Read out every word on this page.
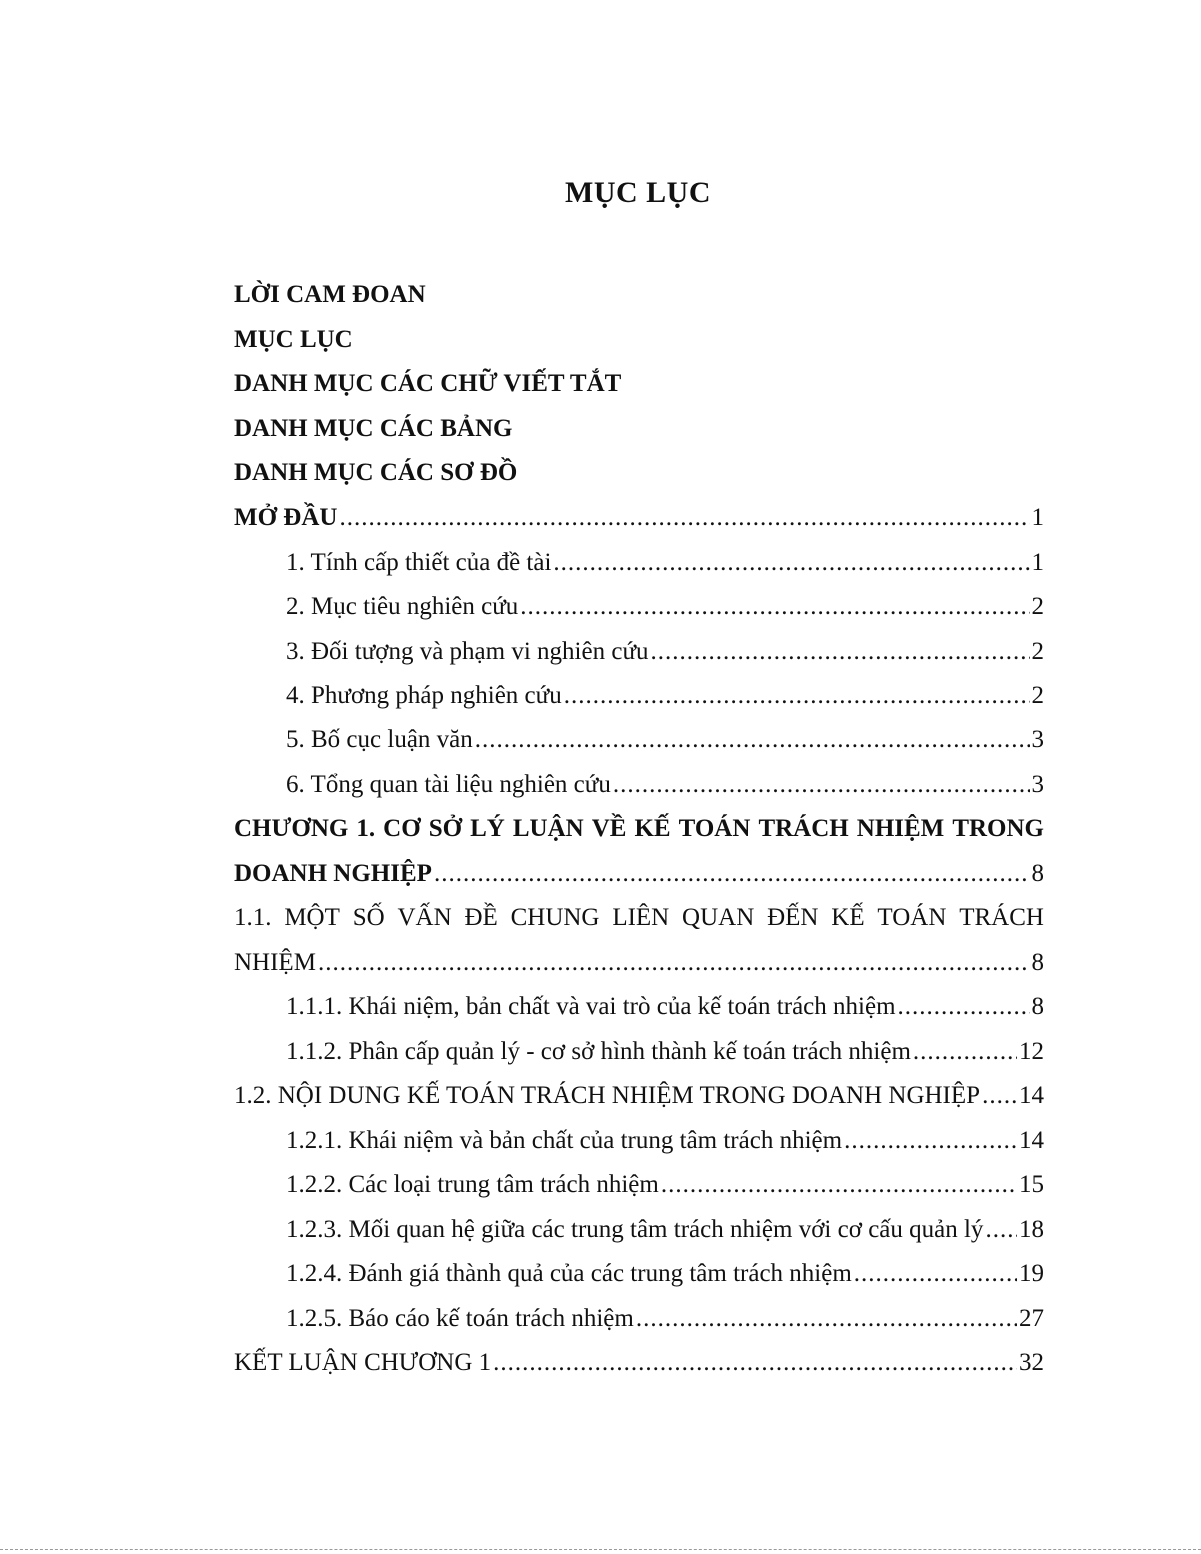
MỤC LỤC
LỜI CAM ĐOAN
MỤC LỤC
DANH MỤC CÁC CHỮ VIẾT TẮT
DANH MỤC CÁC BẢNG
DANH MỤC CÁC SƠ ĐỒ
MỞ ĐẦU .....	1
1. Tính cấp thiết của đề tài .....	1
2. Mục tiêu nghiên cứu .....	2
3. Đối tượng và phạm vi nghiên cứu .....	2
4. Phương pháp nghiên cứu .....	2
5. Bố cục luận văn .....	3
6. Tổng quan tài liệu nghiên cứu .....	3
CHƯƠNG 1. CƠ SỞ LÝ LUẬN VỀ KẾ TOÁN TRÁCH NHIỆM TRONG
DOANH NGHIỆP .....	8
1.1. MỘT SỐ VẤN ĐỀ CHUNG LIÊN QUAN ĐẾN KẾ TOÁN TRÁCH
NHIỆM .....	8
1.1.1. Khái niệm, bản chất và vai trò của kế toán trách nhiệm .....	8
1.1.2. Phân cấp quản lý - cơ sở hình thành kế toán trách nhiệm .....	12
1.2. NỘI DUNG KẾ TOÁN TRÁCH NHIỆM TRONG DOANH NGHIỆP ..... 14
1.2.1. Khái niệm và bản chất của trung tâm trách nhiệm .....	14
1.2.2. Các loại trung tâm trách nhiệm .....	15
1.2.3. Mối quan hệ giữa các trung tâm trách nhiệm với cơ cấu quản lý ..... 18
1.2.4. Đánh giá thành quả của các trung tâm trách nhiệm .....	19
1.2.5. Báo cáo kế toán trách nhiệm .....	27
KẾT LUẬN CHƯƠNG 1 .....	32
